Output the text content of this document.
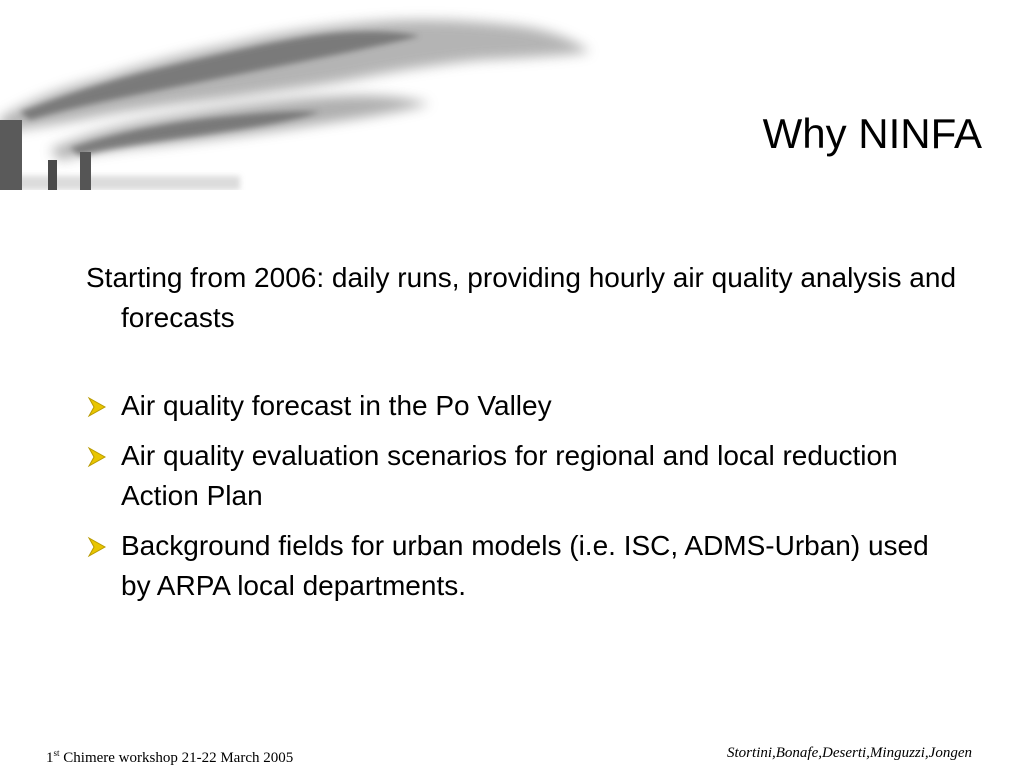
Why NINFA

Starting from 2006: daily runs, providing hourly air quality analysis and forecasts

Air quality forecast in the Po Valley
Air quality evaluation scenarios for regional and local reduction Action Plan
Background fields for urban models (i.e. ISC, ADMS-Urban) used by ARPA local departments.
1st Chimere workshop 21-22 March 2005	Stortini,Bonafe,Deserti,Minguzzi,Jongen
